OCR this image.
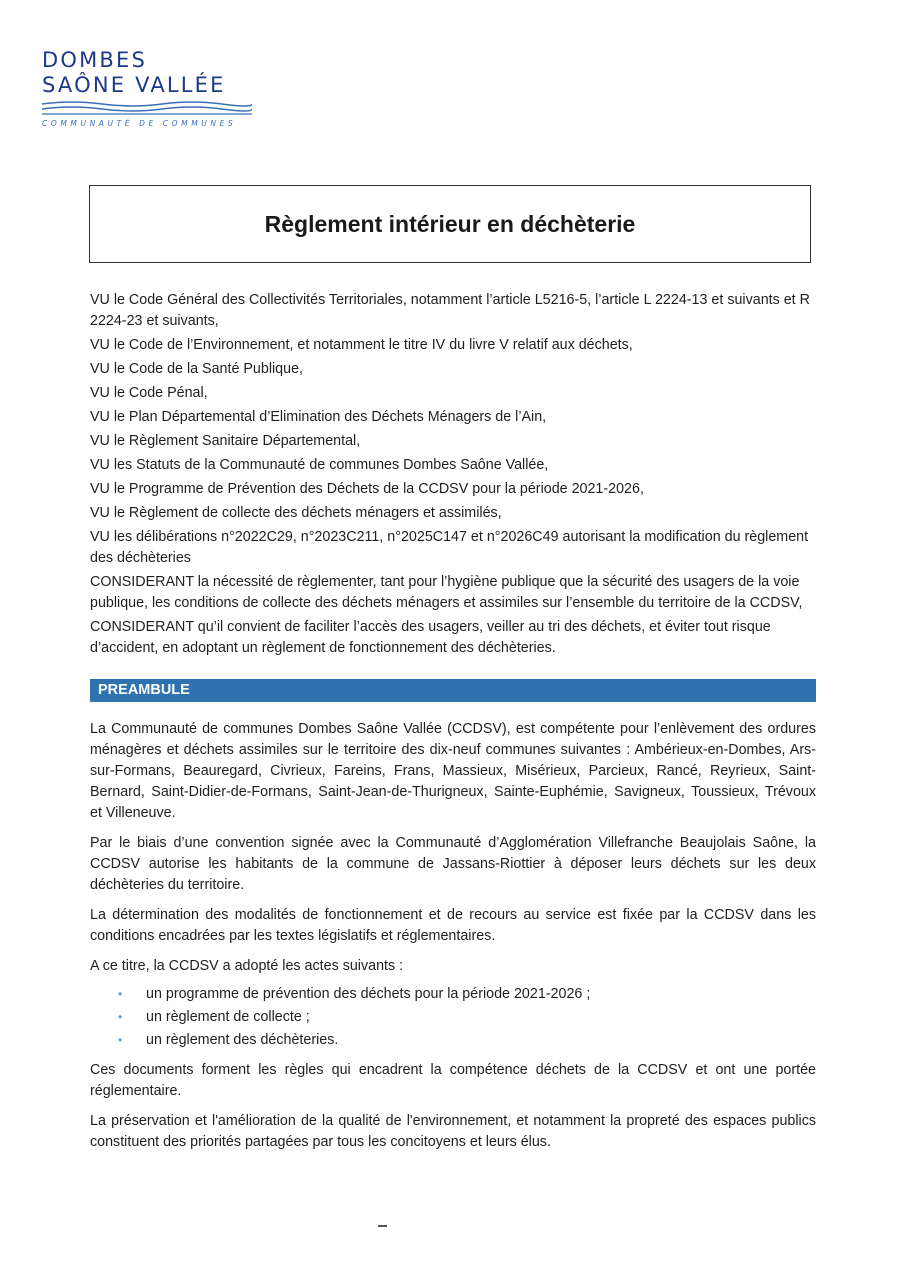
DOMBES
SAÔNE VALLÉE
COMMUNAUTÉ DE COMMUNES
Règlement intérieur en déchèterie

VU le Code Général des Collectivités Territoriales, notamment l’article L5216-5, l’article L 2224-13 et suivants et R 2224-23 et suivants,

VU le Code de l’Environnement, et notamment le titre IV du livre V relatif aux déchets,

VU le Code de la Santé Publique,

VU le Code Pénal,

VU le Plan Départemental d’Elimination des Déchets Ménagers de l’Ain,

VU le Règlement Sanitaire Départemental,

VU les Statuts de la Communauté de communes Dombes Saône Vallée,

VU le Programme de Prévention des Déchets de la CCDSV pour la période 2021-2026,

VU le Règlement de collecte des déchets ménagers et assimilés,

VU les délibérations n°2022C29, n°2023C211, n°2025C147 et n°2026C49 autorisant la modification du règlement des déchèteries

CONSIDERANT la nécessité de règlementer, tant pour l’hygiène publique que la sécurité des usagers de la voie publique, les conditions de collecte des déchets ménagers et assimiles sur l’ensemble du territoire de la CCDSV,

CONSIDERANT qu’il convient de faciliter l’accès des usagers, veiller au tri des déchets, et éviter tout risque d’accident, en adoptant un règlement de fonctionnement des déchèteries.

PREAMBULE

La Communauté de communes Dombes Saône Vallée (CCDSV), est compétente pour l’enlèvement des ordures ménagères et déchets assimiles sur le territoire des dix-neuf communes suivantes : Ambérieux-en-Dombes, Ars-sur-Formans, Beauregard, Civrieux, Fareins, Frans, Massieux, Misérieux, Parcieux, Rancé, Reyrieux, Saint-Bernard, Saint-Didier-de-Formans, Saint-Jean-de-Thurigneux, Sainte-Euphémie, Savigneux, Toussieux, Trévoux et Villeneuve.

Par le biais d’une convention signée avec la Communauté d’Agglomération Villefranche Beaujolais Saône, la CCDSV autorise les habitants de la commune de Jassans-Riottier à déposer leurs déchets sur les deux déchèteries du territoire.

La détermination des modalités de fonctionnement et de recours au service est fixée par la CCDSV dans les conditions encadrées par les textes législatifs et réglementaires.

A ce titre, la CCDSV a adopté les actes suivants :

•	un programme de prévention des déchets pour la période 2021-2026 ;
•	un règlement de collecte ;
•	un règlement des déchèteries.

Ces documents forment les règles qui encadrent la compétence déchets de la CCDSV et ont une portée réglementaire.

La préservation et l'amélioration de la qualité de l'environnement, et notamment la propreté des espaces publics constituent des priorités partagées par tous les concitoyens et leurs élus.
